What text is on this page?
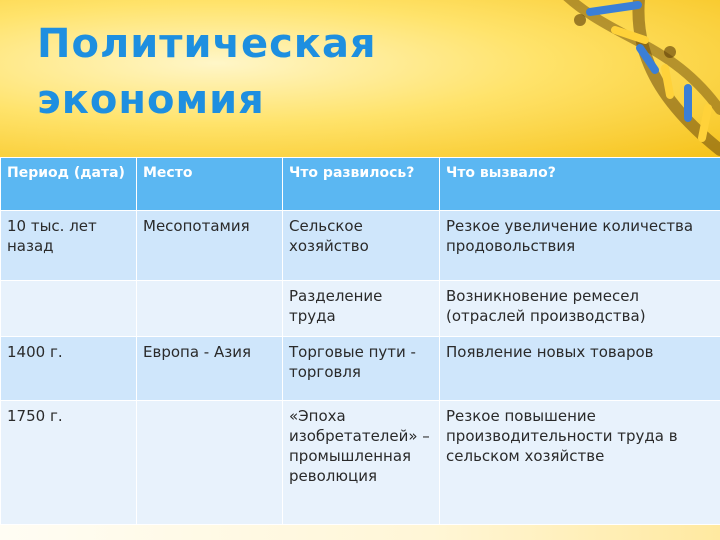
Политическая экономия
Период (дата)	Место	Что развилось?	Что вызвало?
10 тыс. лет назад	Месопотамия	Сельское хозяйство	Резкое увеличение количества продовольствия
		Разделение труда	Возникновение ремесел (отраслей производства)
1400 г.	Европа - Азия	Торговые пути - торговля	Появление новых товаров
1750 г.		«Эпоха изобретателей» – промышленная революция	Резкое повышение производительности труда в сельском хозяйстве
